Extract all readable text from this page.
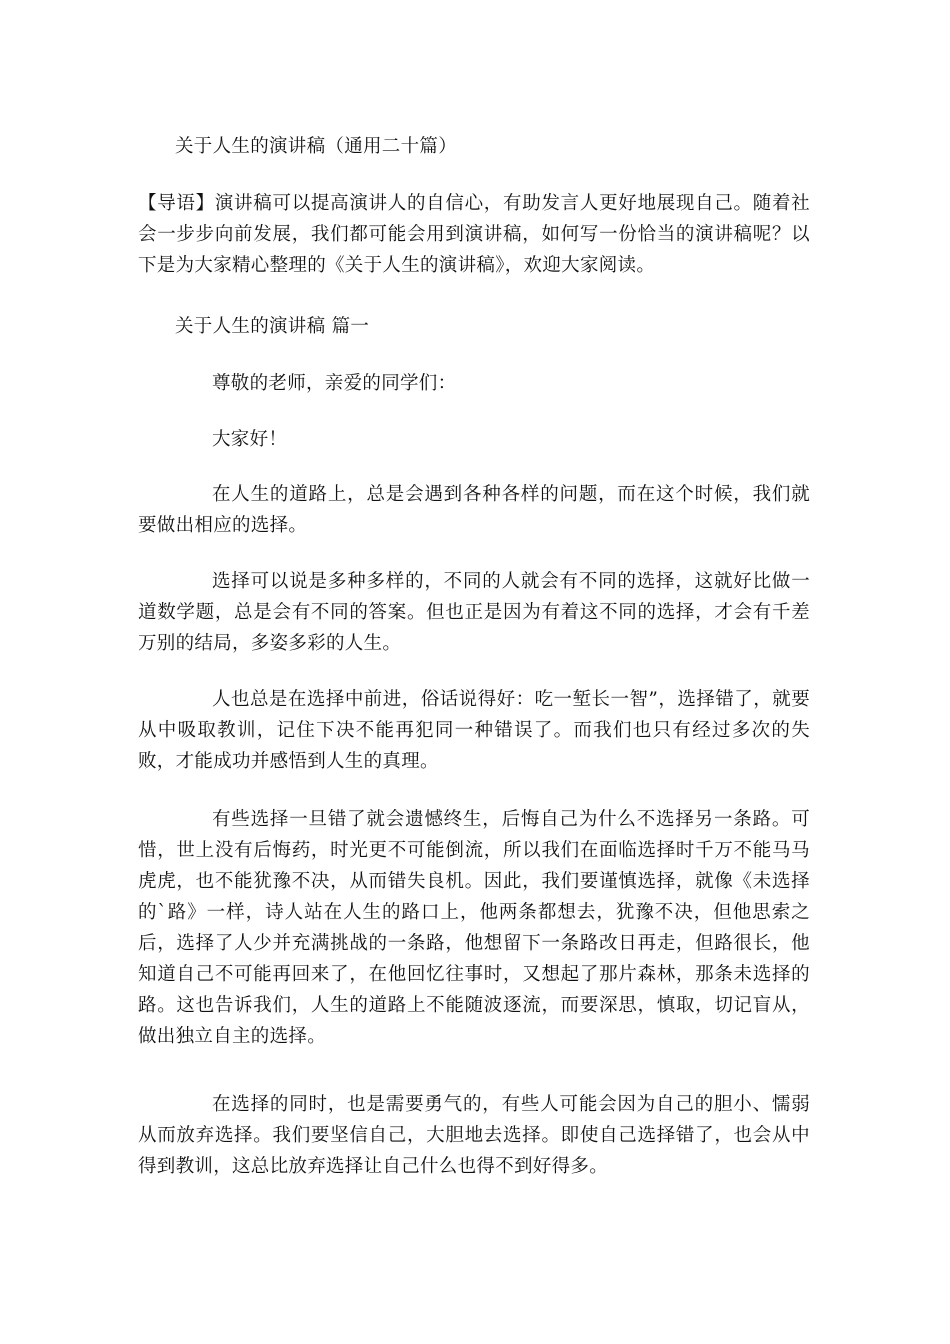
关于人生的演讲稿（通用二十篇）

【导语】演讲稿可以提高演讲人的自信心，有助发言人更好地展现自己。随着社会一步步向前发展，我们都可能会用到演讲稿，如何写一份恰当的演讲稿呢？以下是为大家精心整理的《关于人生的演讲稿》，欢迎大家阅读。

关于人生的演讲稿 篇一

尊敬的老师，亲爱的同学们：

大家好！

在人生的道路上，总是会遇到各种各样的问题，而在这个时候，我们就要做出相应的选择。

选择可以说是多种多样的，不同的人就会有不同的选择，这就好比做一道数学题，总是会有不同的答案。但也正是因为有着这不同的选择，才会有千差万别的结局，多姿多彩的人生。

人也总是在选择中前进，俗话说得好：吃一堑长一智”，选择错了，就要从中吸取教训，记住下决不能再犯同一种错误了。而我们也只有经过多次的失败，才能成功并感悟到人生的真理。

有些选择一旦错了就会遗憾终生，后悔自己为什么不选择另一条路。可惜，世上没有后悔药，时光更不可能倒流，所以我们在面临选择时千万不能马马虎虎，也不能犹豫不决，从而错失良机。因此，我们要谨慎选择，就像《未选择的`路》一样，诗人站在人生的路口上，他两条都想去，犹豫不决，但他思索之后，选择了人少并充满挑战的一条路，他想留下一条路改日再走，但路很长，他知道自己不可能再回来了，在他回忆往事时，又想起了那片森林，那条未选择的路。这也告诉我们，人生的道路上不能随波逐流，而要深思，慎取，切记盲从，做出独立自主的选择。

在选择的同时，也是需要勇气的，有些人可能会因为自己的胆小、懦弱从而放弃选择。我们要坚信自己，大胆地去选择。即使自己选择错了，也会从中得到教训，这总比放弃选择让自己什么也得不到好得多。
